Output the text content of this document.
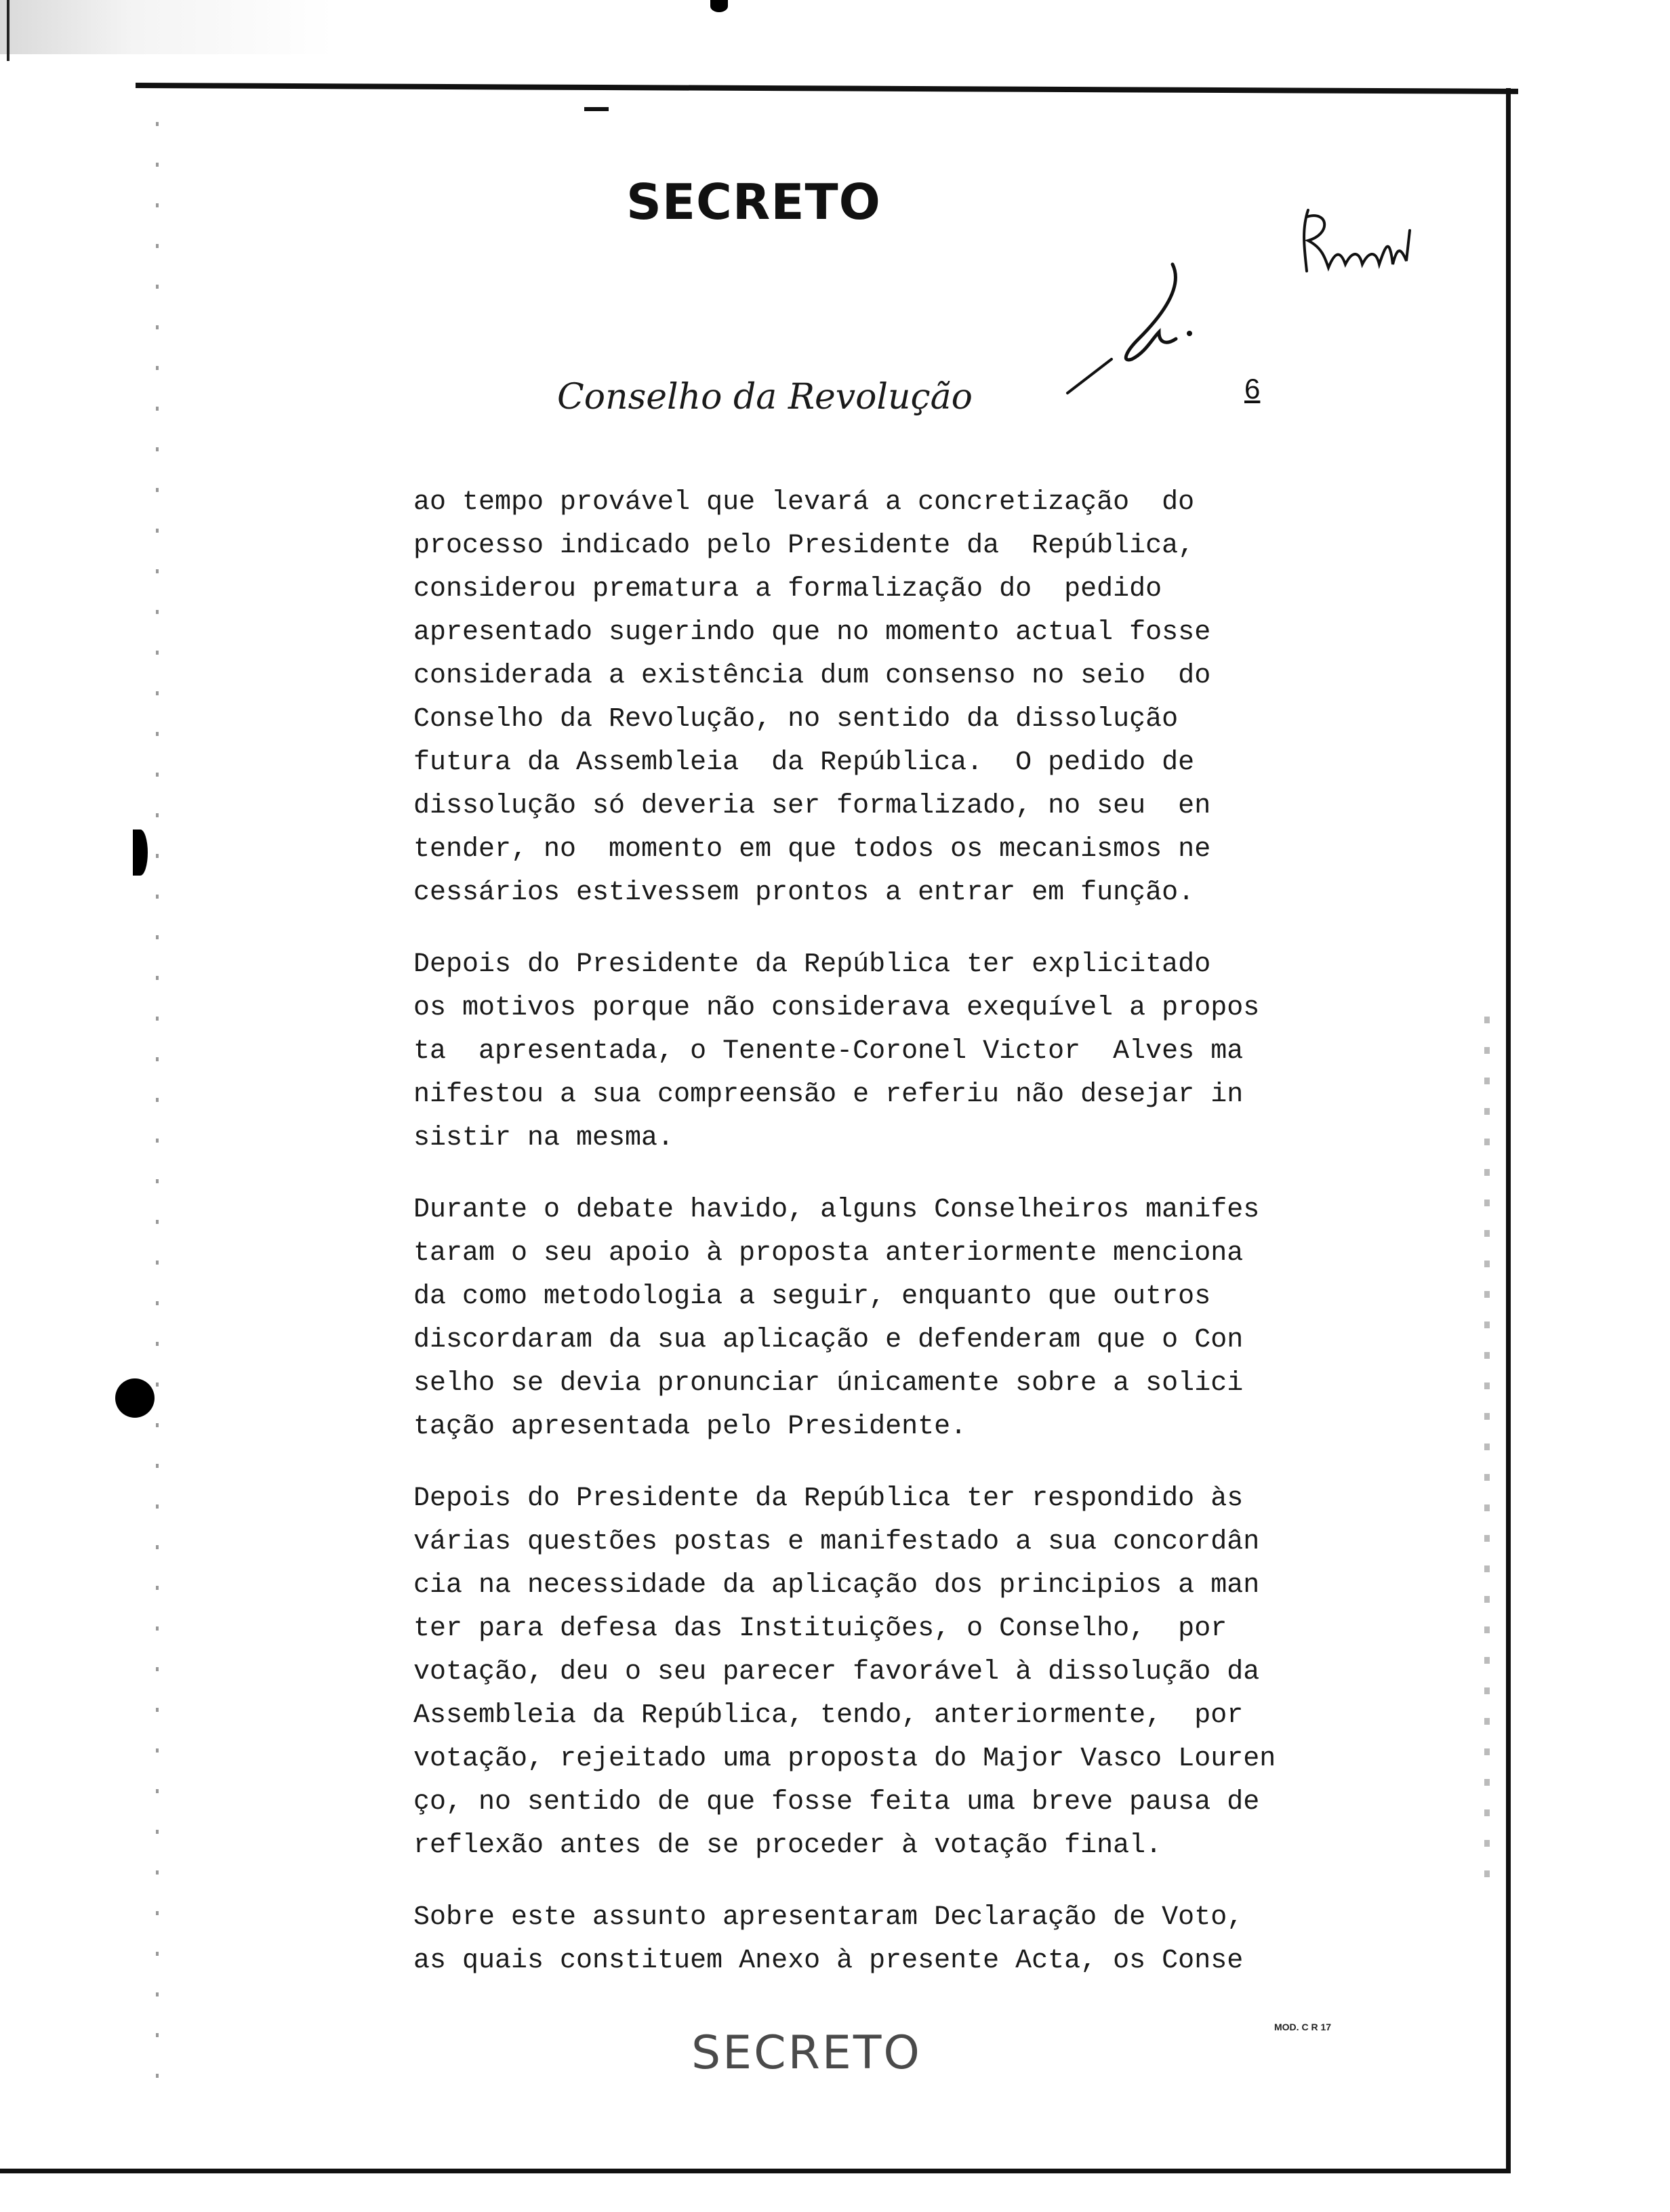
SECRETO
Conselho da Revolução	6
ao tempo provável que levará a concretização  do
processo indicado pelo Presidente da  República,
considerou prematura a formalização do  pedido
apresentado sugerindo que no momento actual fosse
considerada a existência dum consenso no seio  do
Conselho da Revolução, no sentido da dissolução
futura da Assembleia  da República.  O pedido de
dissolução só deveria ser formalizado, no seu  en
tender, no  momento em que todos os mecanismos ne
cessários estivessem prontos a entrar em função.
Depois do Presidente da República ter explicitado
os motivos porque não considerava exequível a propos
ta  apresentada, o Tenente-Coronel Victor  Alves ma
nifestou a sua compreensão e referiu não desejar in
sistir na mesma.
Durante o debate havido, alguns Conselheiros manifes
taram o seu apoio à proposta anteriormente menciona
da como metodologia a seguir, enquanto que outros
discordaram da sua aplicação e defenderam que o Con
selho se devia pronunciar únicamente sobre a solici
tação apresentada pelo Presidente.
Depois do Presidente da República ter respondido às
várias questões postas e manifestado a sua concordân
cia na necessidade da aplicação dos principios a man
ter para defesa das Instituições, o Conselho,  por
votação, deu o seu parecer favorável à dissolução da
Assembleia da República, tendo, anteriormente,  por
votação, rejeitado uma proposta do Major Vasco Louren
ço, no sentido de que fosse feita uma breve pausa de
reflexão antes de se proceder à votação final.
Sobre este assunto apresentaram Declaração de Voto,
as quais constituem Anexo à presente Acta, os Conse
MOD. C R 17
SECRETO
